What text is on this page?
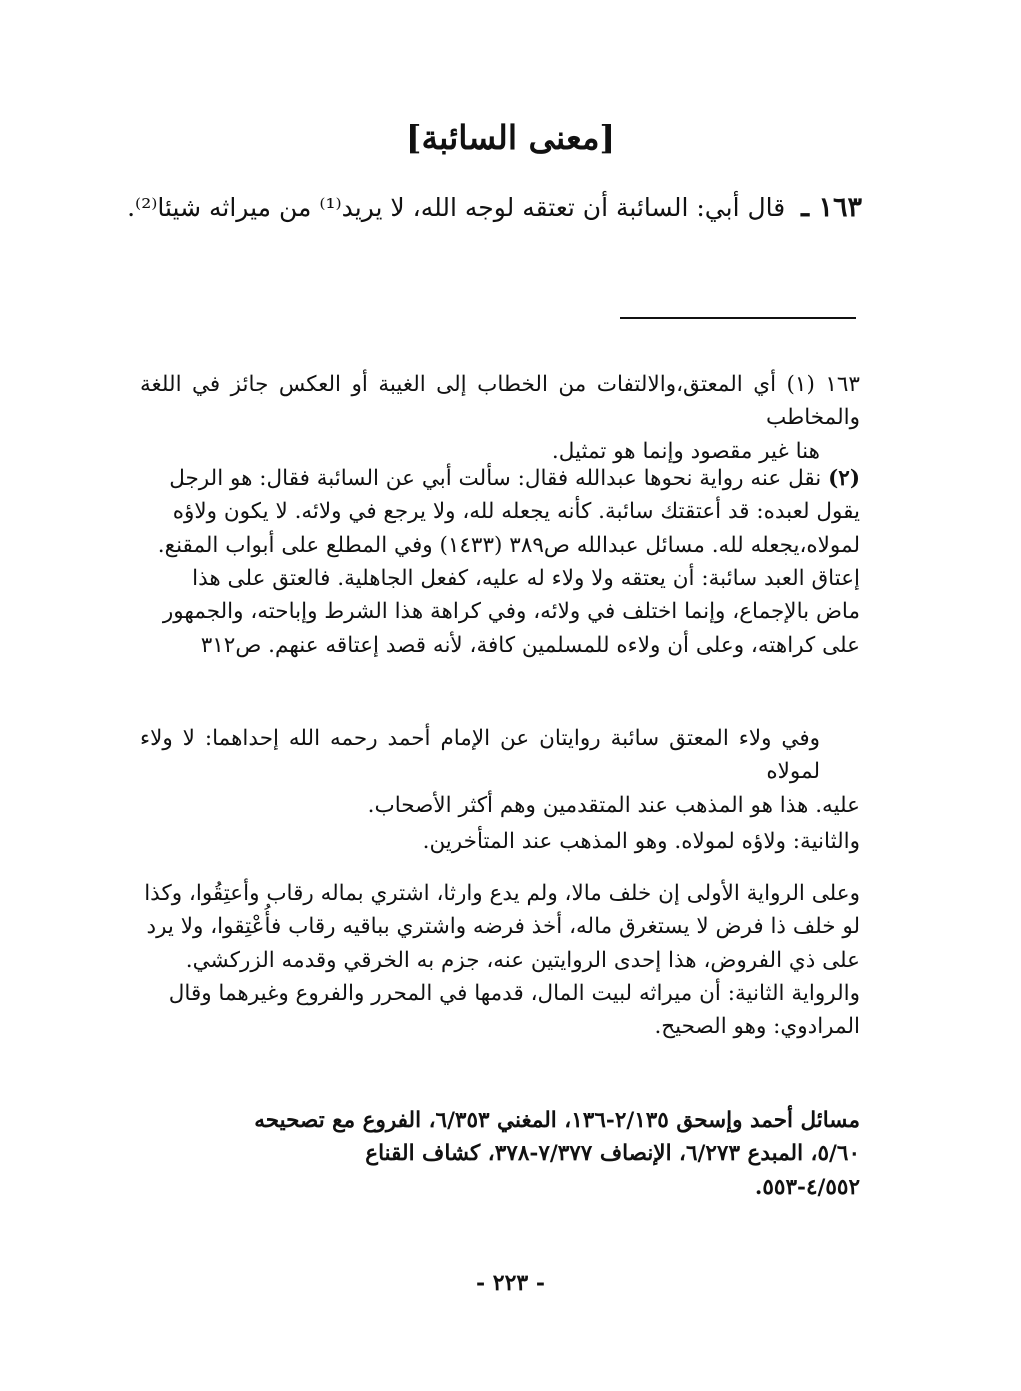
[معنى السائبة]
١٦٣ ـ قال أبي: السائبة أن تعتقه لوجه الله، لا يريد⁽¹⁾ من ميراثه شيئا⁽²⁾.

١٦٣ (١) أي المعتق،والالتفات من الخطاب إلى الغيبة أو العكس جائز في اللغة والمخاطب

هنا غير مقصود وإنما هو تمثيل.

(٢) نقل عنه رواية نحوها عبدالله فقال: سألت أبي عن السائبة فقال: هو الرجل

يقول لعبده: قد أعتقتك سائبة. كأنه يجعله لله، ولا يرجع في ولائه. لا يكون ولاؤه

لمولاه،يجعله لله. مسائل عبدالله ص٣٨٩ (١٤٣٣) وفي المطلع على أبواب المقنع.

إعتاق العبد سائبة: أن يعتقه ولا ولاء له عليه، كفعل الجاهلية. فالعتق على هذا

ماض بالإجماع، وإنما اختلف في ولائه، وفي كراهة هذا الشرط وإباحته، والجمهور

على كراهته، وعلى أن ولاءه للمسلمين كافة، لأنه قصد إعتاقه عنهم. ص٣١٢

وفي ولاء المعتق سائبة روايتان عن الإمام أحمد رحمه الله إحداهما: لا ولاء لمولاه

عليه. هذا هو المذهب عند المتقدمين وهم أكثر الأصحاب.

والثانية: ولاؤه لمولاه. وهو المذهب عند المتأخرين.

وعلى الرواية الأولى إن خلف مالا، ولم يدع وارثا، اشتري بماله رقاب وأعتِقُوا، وكذا

لو خلف ذا فرض لا يستغرق ماله، أخذ فرضه واشتري بباقيه رقاب فأُعْتِقوا، ولا يرد

على ذي الفروض، هذا إحدى الروايتين عنه، جزم به الخرقي وقدمه الزركشي.

والرواية الثانية: أن ميراثه لبيت المال، قدمها في المحرر والفروع وغيرهما وقال

المرادوي: وهو الصحيح.

مسائل أحمد وإسحق ٢/١٣٥-١٣٦، المغني ٦/٣٥٣، الفروع مع تصحيحه

٥/٦٠، المبدع ٦/٢٧٣، الإنصاف ٧/٣٧٧-٣٧٨، كشاف القناع

٤/٥٥٢-٥٥٣.

- ٢٢٣ -
